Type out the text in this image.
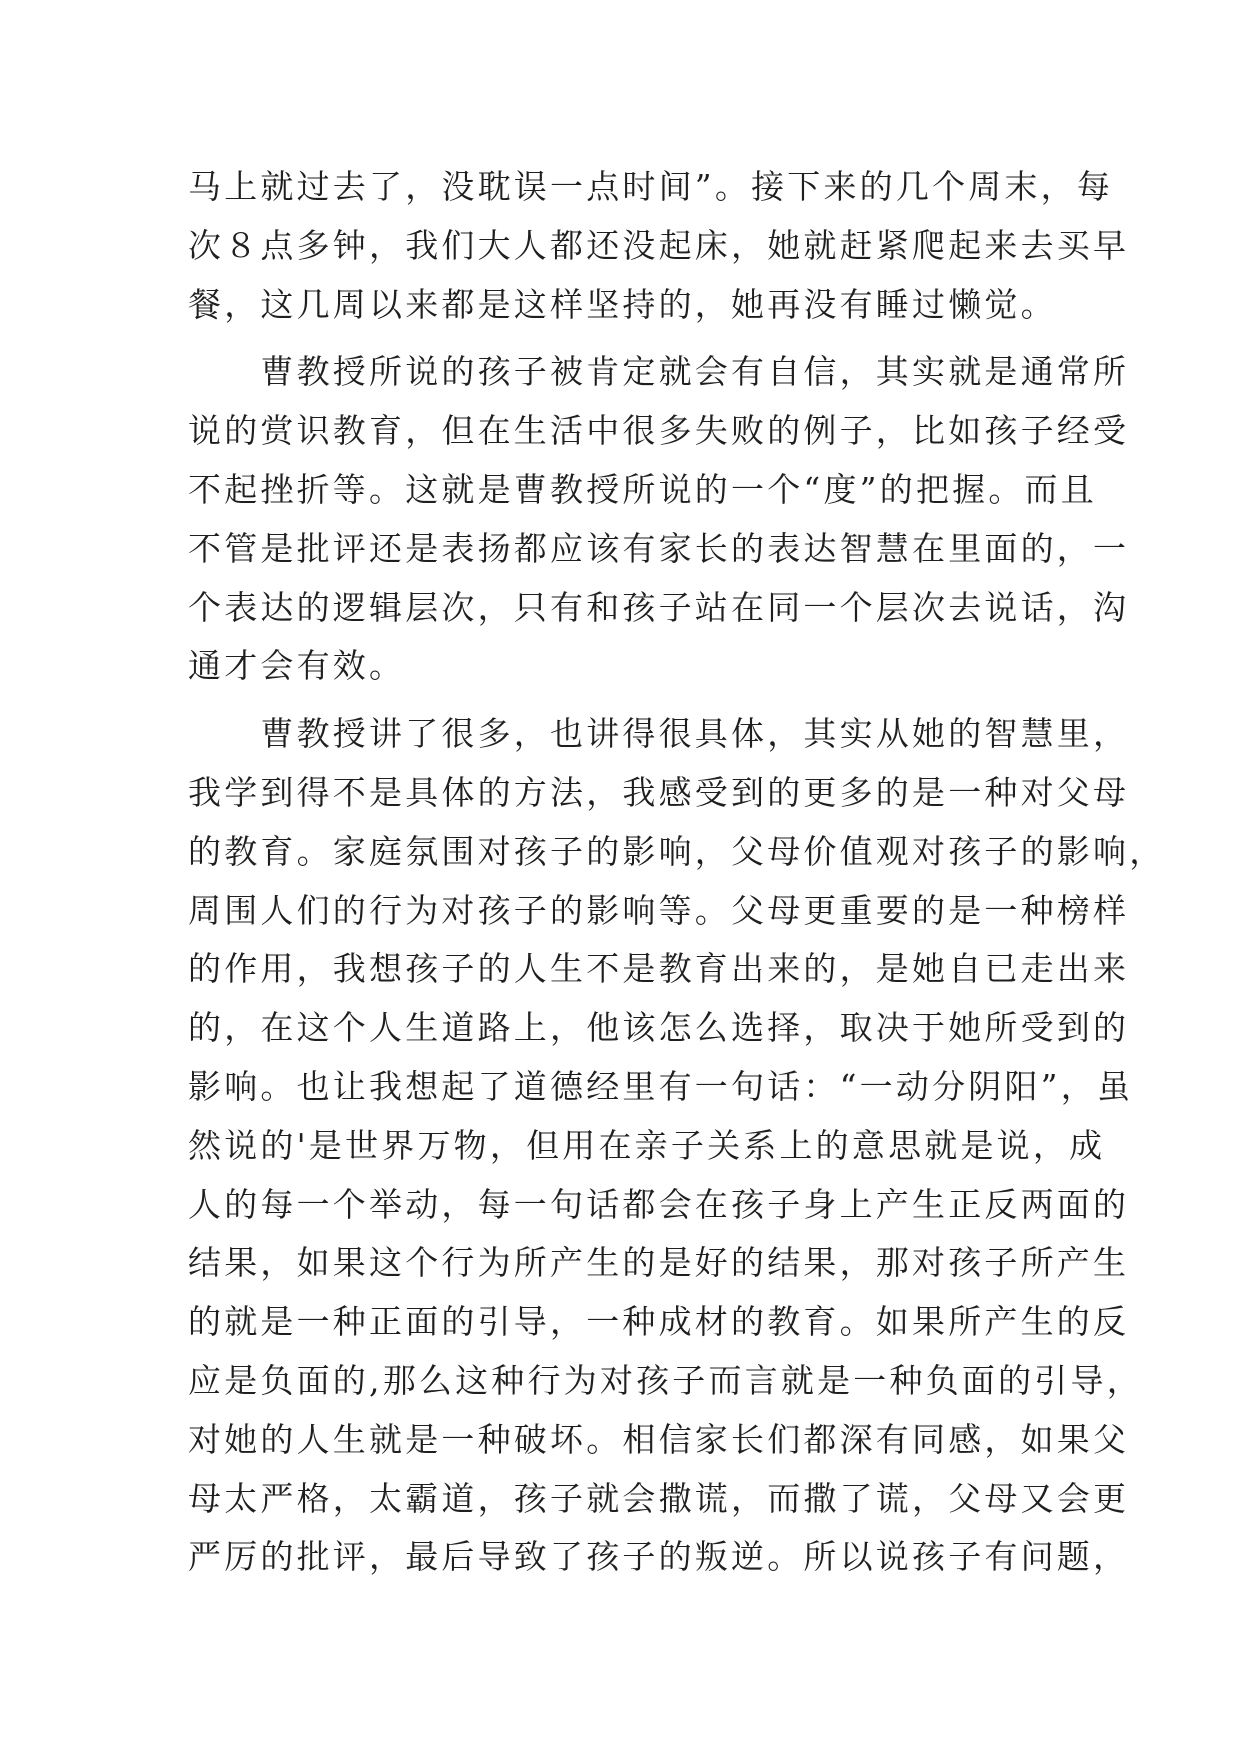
马上就过去了，没耽误一点时间”。接下来的几个周末，每
次８点多钟，我们大人都还没起床，她就赶紧爬起来去买早
餐，这几周以来都是这样坚持的，她再没有睡过懒觉。
　　曹教授所说的孩子被肯定就会有自信，其实就是通常所
说的赏识教育，但在生活中很多失败的例子，比如孩子经受
不起挫折等。这就是曹教授所说的一个“度”的把握。而且
不管是批评还是表扬都应该有家长的表达智慧在里面的，一
个表达的逻辑层次，只有和孩子站在同一个层次去说话，沟
通才会有效。
　　曹教授讲了很多，也讲得很具体，其实从她的智慧里，
我学到得不是具体的方法，我感受到的更多的是一种对父母
的教育。家庭氛围对孩子的影响，父母价值观对孩子的影响，
周围人们的行为对孩子的影响等。父母更重要的是一种榜样
的作用，我想孩子的人生不是教育出来的，是她自已走出来
的，在这个人生道路上，他该怎么选择，取决于她所受到的
影响。也让我想起了道德经里有一句话：“一动分阴阳”，虽
然说的'是世界万物，但用在亲子关系上的意思就是说，成
人的每一个举动，每一句话都会在孩子身上产生正反两面的
结果，如果这个行为所产生的是好的结果，那对孩子所产生
的就是一种正面的引导，一种成材的教育。如果所产生的反
应是负面的,那么这种行为对孩子而言就是一种负面的引导，
对她的人生就是一种破坏。相信家长们都深有同感，如果父
母太严格，太霸道，孩子就会撒谎，而撒了谎，父母又会更
严厉的批评，最后导致了孩子的叛逆。所以说孩子有问题，
